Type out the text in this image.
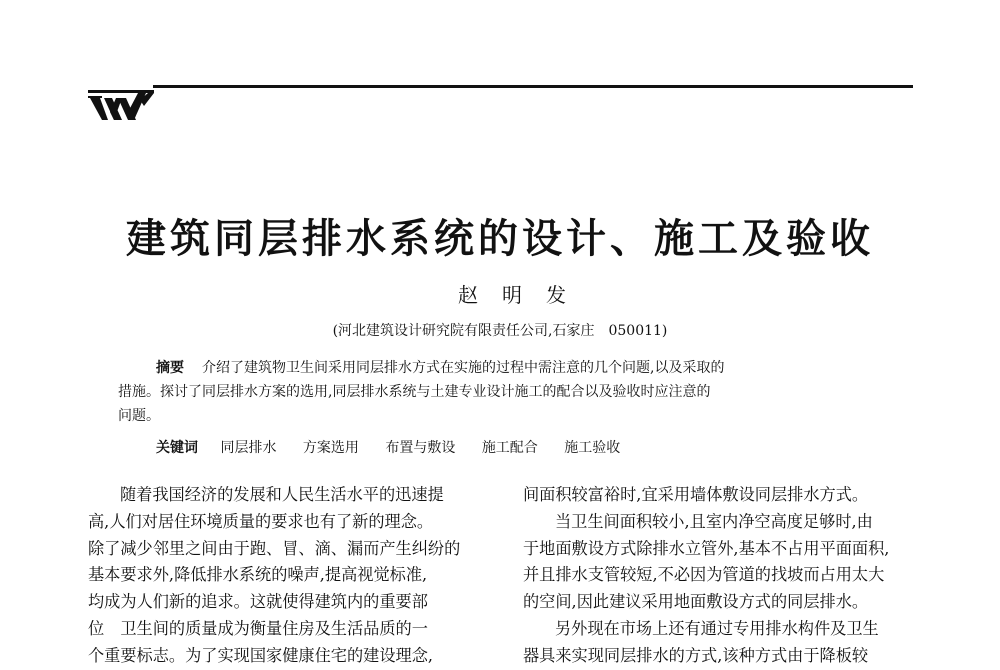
建筑同层排水系统的设计、施工及验收
赵明发
(河北建筑设计研究院有限责任公司,石家庄　050011)
摘要 介绍了建筑物卫生间采用同层排水方式在实施的过程中需注意的几个问题,以及采取的
措施。探讨了同层排水方案的选用,同层排水系统与土建专业设计施工的配合以及验收时应注意的
问题。
关键词 同层排水 方案选用 布置与敷设 施工配合 施工验收
随着我国经济的发展和人民生活水平的迅速提
高,人们对居住环境质量的要求也有了新的理念。
除了减少邻里之间由于跑、冒、滴、漏而产生纠纷的
基本要求外,降低排水系统的噪声,提高视觉标准,
均成为人们新的追求。这就使得建筑内的重要部
位　卫生间的质量成为衡量住房及生活品质的一
个重要标志。为了实现国家健康住宅的建设理念,
间面积较富裕时,宜采用墙体敷设同层排水方式。
当卫生间面积较小,且室内净空高度足够时,由
于地面敷设方式除排水立管外,基本不占用平面面积,
并且排水支管较短,不必因为管道的找坡而占用太大
的空间,因此建议采用地面敷设方式的同层排水。
另外现在市场上还有通过专用排水构件及卫生
器具来实现同层排水的方式,该种方式由于降板较
